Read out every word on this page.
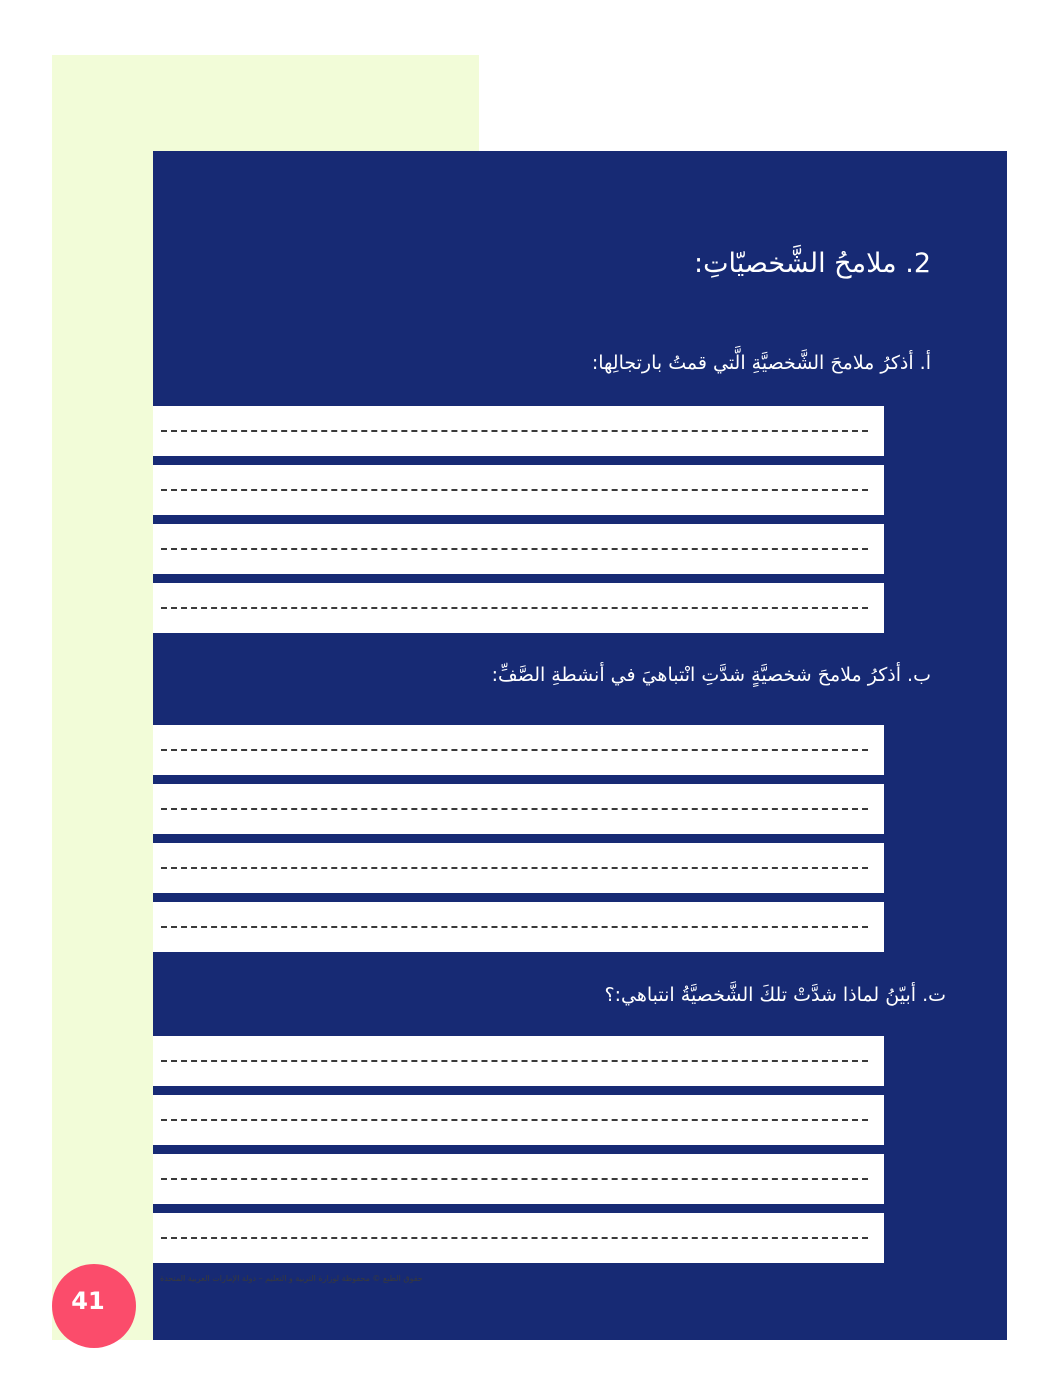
2. ملامحُ الشَّخصيّاتِ:
أ. أذكرُ ملامحَ الشَّخصيَّةِ الَّتي قمتُ بارتجالِها:
ب. أذكرُ ملامحَ شخصيَّةٍ شدَّتِ انْتباهيَ في أنشطةِ الصَّفِّ:
ت. أبيّنُ لماذا شدَّتْ تلكَ الشَّخصيَّةُ انتباهي:؟
حقوق الطبع © محفوظة لوزارة التربية و التعليم – دولة الإمارات العربية المتحدة
41
